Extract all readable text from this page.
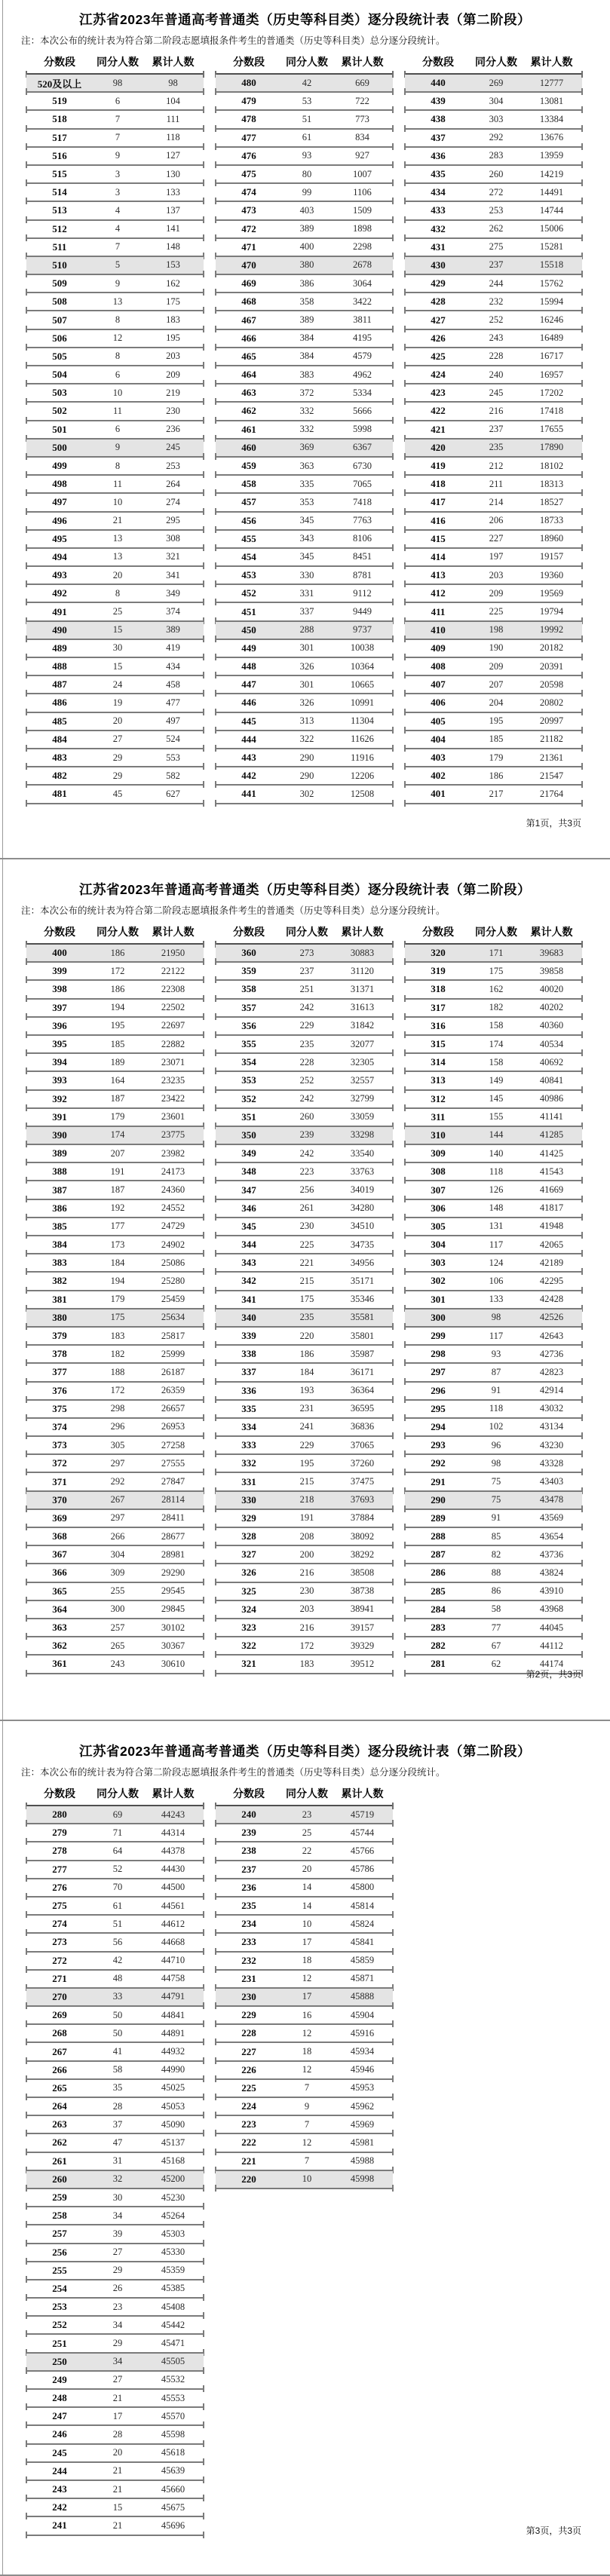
江苏省2023年普通高考普通类（历史等科目类）逐分段统计表（第二阶段）

注：本次公布的统计表为符合第二阶段志愿填报条件考生的普通类（历史等科目类）总分逐分段统计。

分数段	同分人数	累计人数
520及以上	98	98
519	6	104
518	7	111
517	7	118
516	9	127
515	3	130
514	3	133
513	4	137
512	4	141
511	7	148
510	5	153
509	9	162
508	13	175
507	8	183
506	12	195
505	8	203
504	6	209
503	10	219
502	11	230
501	6	236
500	9	245
499	8	253
498	11	264
497	10	274
496	21	295
495	13	308
494	13	321
493	20	341
492	8	349
491	25	374
490	15	389
489	30	419
488	15	434
487	24	458
486	19	477
485	20	497
484	27	524
483	29	553
482	29	582
481	45	627
分数段	同分人数	累计人数
480	42	669
479	53	722
478	51	773
477	61	834
476	93	927
475	80	1007
474	99	1106
473	403	1509
472	389	1898
471	400	2298
470	380	2678
469	386	3064
468	358	3422
467	389	3811
466	384	4195
465	384	4579
464	383	4962
463	372	5334
462	332	5666
461	332	5998
460	369	6367
459	363	6730
458	335	7065
457	353	7418
456	345	7763
455	343	8106
454	345	8451
453	330	8781
452	331	9112
451	337	9449
450	288	9737
449	301	10038
448	326	10364
447	301	10665
446	326	10991
445	313	11304
444	322	11626
443	290	11916
442	290	12206
441	302	12508
分数段	同分人数	累计人数
440	269	12777
439	304	13081
438	303	13384
437	292	13676
436	283	13959
435	260	14219
434	272	14491
433	253	14744
432	262	15006
431	275	15281
430	237	15518
429	244	15762
428	232	15994
427	252	16246
426	243	16489
425	228	16717
424	240	16957
423	245	17202
422	216	17418
421	237	17655
420	235	17890
419	212	18102
418	211	18313
417	214	18527
416	206	18733
415	227	18960
414	197	19157
413	203	19360
412	209	19569
411	225	19794
410	198	19992
409	190	20182
408	209	20391
407	207	20598
406	204	20802
405	195	20997
404	185	21182
403	179	21361
402	186	21547
401	217	21764
第1页，共3页
江苏省2023年普通高考普通类（历史等科目类）逐分段统计表（第二阶段）

注：本次公布的统计表为符合第二阶段志愿填报条件考生的普通类（历史等科目类）总分逐分段统计。

分数段	同分人数	累计人数
400	186	21950
399	172	22122
398	186	22308
397	194	22502
396	195	22697
395	185	22882
394	189	23071
393	164	23235
392	187	23422
391	179	23601
390	174	23775
389	207	23982
388	191	24173
387	187	24360
386	192	24552
385	177	24729
384	173	24902
383	184	25086
382	194	25280
381	179	25459
380	175	25634
379	183	25817
378	182	25999
377	188	26187
376	172	26359
375	298	26657
374	296	26953
373	305	27258
372	297	27555
371	292	27847
370	267	28114
369	297	28411
368	266	28677
367	304	28981
366	309	29290
365	255	29545
364	300	29845
363	257	30102
362	265	30367
361	243	30610
分数段	同分人数	累计人数
360	273	30883
359	237	31120
358	251	31371
357	242	31613
356	229	31842
355	235	32077
354	228	32305
353	252	32557
352	242	32799
351	260	33059
350	239	33298
349	242	33540
348	223	33763
347	256	34019
346	261	34280
345	230	34510
344	225	34735
343	221	34956
342	215	35171
341	175	35346
340	235	35581
339	220	35801
338	186	35987
337	184	36171
336	193	36364
335	231	36595
334	241	36836
333	229	37065
332	195	37260
331	215	37475
330	218	37693
329	191	37884
328	208	38092
327	200	38292
326	216	38508
325	230	38738
324	203	38941
323	216	39157
322	172	39329
321	183	39512
分数段	同分人数	累计人数
320	171	39683
319	175	39858
318	162	40020
317	182	40202
316	158	40360
315	174	40534
314	158	40692
313	149	40841
312	145	40986
311	155	41141
310	144	41285
309	140	41425
308	118	41543
307	126	41669
306	148	41817
305	131	41948
304	117	42065
303	124	42189
302	106	42295
301	133	42428
300	98	42526
299	117	42643
298	93	42736
297	87	42823
296	91	42914
295	118	43032
294	102	43134
293	96	43230
292	98	43328
291	75	43403
290	75	43478
289	91	43569
288	85	43654
287	82	43736
286	88	43824
285	86	43910
284	58	43968
283	77	44045
282	67	44112
281	62	44174
第2页，共3页
江苏省2023年普通高考普通类（历史等科目类）逐分段统计表（第二阶段）

注：本次公布的统计表为符合第二阶段志愿填报条件考生的普通类（历史等科目类）总分逐分段统计。

分数段	同分人数	累计人数
280	69	44243
279	71	44314
278	64	44378
277	52	44430
276	70	44500
275	61	44561
274	51	44612
273	56	44668
272	42	44710
271	48	44758
270	33	44791
269	50	44841
268	50	44891
267	41	44932
266	58	44990
265	35	45025
264	28	45053
263	37	45090
262	47	45137
261	31	45168
260	32	45200
259	30	45230
258	34	45264
257	39	45303
256	27	45330
255	29	45359
254	26	45385
253	23	45408
252	34	45442
251	29	45471
250	34	45505
249	27	45532
248	21	45553
247	17	45570
246	28	45598
245	20	45618
244	21	45639
243	21	45660
242	15	45675
241	21	45696
分数段	同分人数	累计人数
240	23	45719
239	25	45744
238	22	45766
237	20	45786
236	14	45800
235	14	45814
234	10	45824
233	17	45841
232	18	45859
231	12	45871
230	17	45888
229	16	45904
228	12	45916
227	18	45934
226	12	45946
225	7	45953
224	9	45962
223	7	45969
222	12	45981
221	7	45988
220	10	45998
第3页，共3页
